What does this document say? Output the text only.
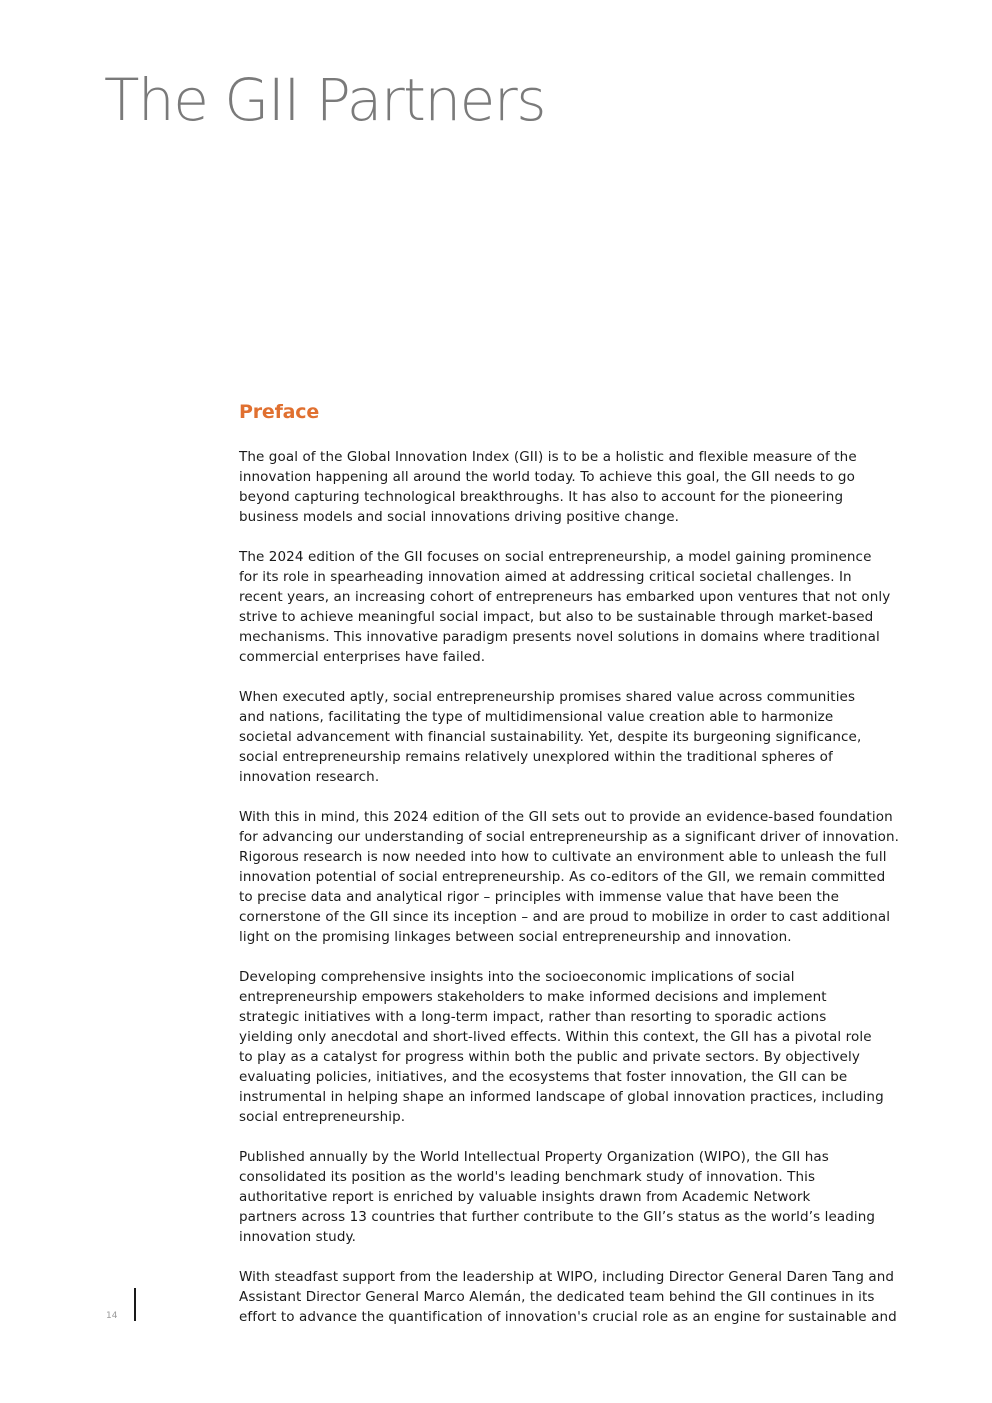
The GII Partners
Preface

The goal of the Global Innovation Index (GII) is to be a holistic and flexible measure of the
innovation happening all around the world today. To achieve this goal, the GII needs to go
beyond capturing technological breakthroughs. It has also to account for the pioneering
business models and social innovations driving positive change.

The 2024 edition of the GII focuses on social entrepreneurship, a model gaining prominence
for its role in spearheading innovation aimed at addressing critical societal challenges. In
recent years, an increasing cohort of entrepreneurs has embarked upon ventures that not only
strive to achieve meaningful social impact, but also to be sustainable through market-based
mechanisms. This innovative paradigm presents novel solutions in domains where traditional
commercial enterprises have failed.

When executed aptly, social entrepreneurship promises shared value across communities
and nations, facilitating the type of multidimensional value creation able to harmonize
societal advancement with financial sustainability. Yet, despite its burgeoning significance,
social entrepreneurship remains relatively unexplored within the traditional spheres of
innovation research.

With this in mind, this 2024 edition of the GII sets out to provide an evidence-based foundation
for advancing our understanding of social entrepreneurship as a significant driver of innovation.
Rigorous research is now needed into how to cultivate an environment able to unleash the full
innovation potential of social entrepreneurship. As co-editors of the GII, we remain committed
to precise data and analytical rigor – principles with immense value that have been the
cornerstone of the GII since its inception – and are proud to mobilize in order to cast additional
light on the promising linkages between social entrepreneurship and innovation.

Developing comprehensive insights into the socioeconomic implications of social
entrepreneurship empowers stakeholders to make informed decisions and implement
strategic initiatives with a long-term impact, rather than resorting to sporadic actions
yielding only anecdotal and short-lived effects. Within this context, the GII has a pivotal role
to play as a catalyst for progress within both the public and private sectors. By objectively
evaluating policies, initiatives, and the ecosystems that foster innovation, the GII can be
instrumental in helping shape an informed landscape of global innovation practices, including
social entrepreneurship.

Published annually by the World Intellectual Property Organization (WIPO), the GII has
consolidated its position as the world's leading benchmark study of innovation. This
authoritative report is enriched by valuable insights drawn from Academic Network
partners across 13 countries that further contribute to the GII’s status as the world’s leading
innovation study.

With steadfast support from the leadership at WIPO, including Director General Daren Tang and
Assistant Director General Marco Alemán, the dedicated team behind the GII continues in its
effort to advance the quantification of innovation's crucial role as an engine for sustainable and

14
